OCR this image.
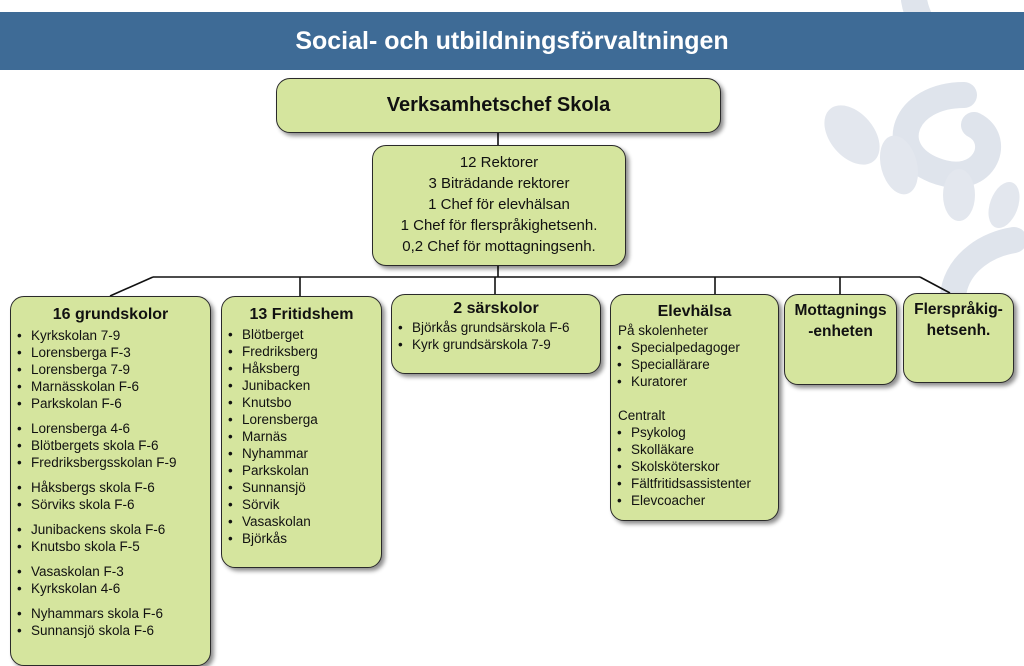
Social- och utbildningsförvaltningen
Verksamhetschef Skola
12 Rektorer
3 Biträdande rektorer
1 Chef för elevhälsan
1 Chef för flerspråkighetsenh.
0,2 Chef för mottagningsenh.
16 grundskolor
• Kyrkskolan 7-9
• Lorensberga F-3
• Lorensberga 7-9
• Marnässkolan F-6
• Parkskolan F-6
• Lorensberga 4-6
• Blötbergets skola F-6
• Fredriksbergsskolan F-9
• Håksbergs skola F-6
• Sörviks skola F-6
• Junibackens skola F-6
• Knutsbo skola F-5
• Vasaskolan F-3
• Kyrkskolan 4-6
• Nyhammars skola F-6
• Sunnansjö skola F-6
13 Fritidshem
• Blötberget
• Fredriksberg
• Håksberg
• Junibacken
• Knutsbo
• Lorensberga
• Marnäs
• Nyhammar
• Parkskolan
• Sunnansjö
• Sörvik
• Vasaskolan
• Björkås
2 särskolor
• Björkås grundsärskola F-6
• Kyrk grundsärskola 7-9
Elevhälsa
På skolenheter
• Specialpedagoger
• Speciallärare
• Kuratorer
Centralt
• Psykolog
• Skolläkare
• Skolsköterskor
• Fältfritidsassistenter
• Elevcoacher
Mottagnings
-enheten
Flerspråkig-
hetsenh.
